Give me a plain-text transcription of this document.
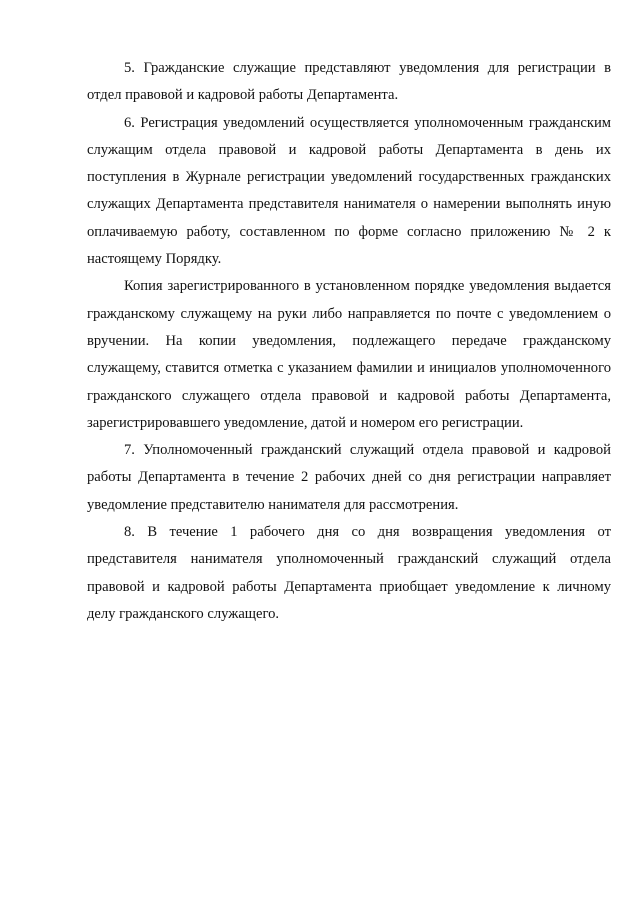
5. Гражданские служащие представляют уведомления для регистрации в отдел правовой и кадровой работы Департамента.

6. Регистрация уведомлений осуществляется уполномоченным гражданским служащим отдела правовой и кадровой работы Департамента в день их поступления в Журнале регистрации уведомлений государственных гражданских служащих Департамента представителя нанимателя о намерении выполнять иную оплачиваемую работу, составленном по форме согласно приложению № 2 к настоящему Порядку.

Копия зарегистрированного в установленном порядке уведомления выдается гражданскому служащему на руки либо направляется по почте с уведомлением о вручении. На копии уведомления, подлежащего передаче гражданскому служащему, ставится отметка с указанием фамилии и инициалов уполномоченного гражданского служащего отдела правовой и кадровой работы Департамента, зарегистрировавшего уведомление, датой и номером его регистрации.

7. Уполномоченный гражданский служащий отдела правовой и кадровой работы Департамента в течение 2 рабочих дней со дня регистрации направляет уведомление представителю нанимателя для рассмотрения.

8. В течение 1 рабочего дня со дня возвращения уведомления от представителя нанимателя уполномоченный гражданский служащий отдела правовой и кадровой работы Департамента приобщает уведомление к личному делу гражданского служащего.
